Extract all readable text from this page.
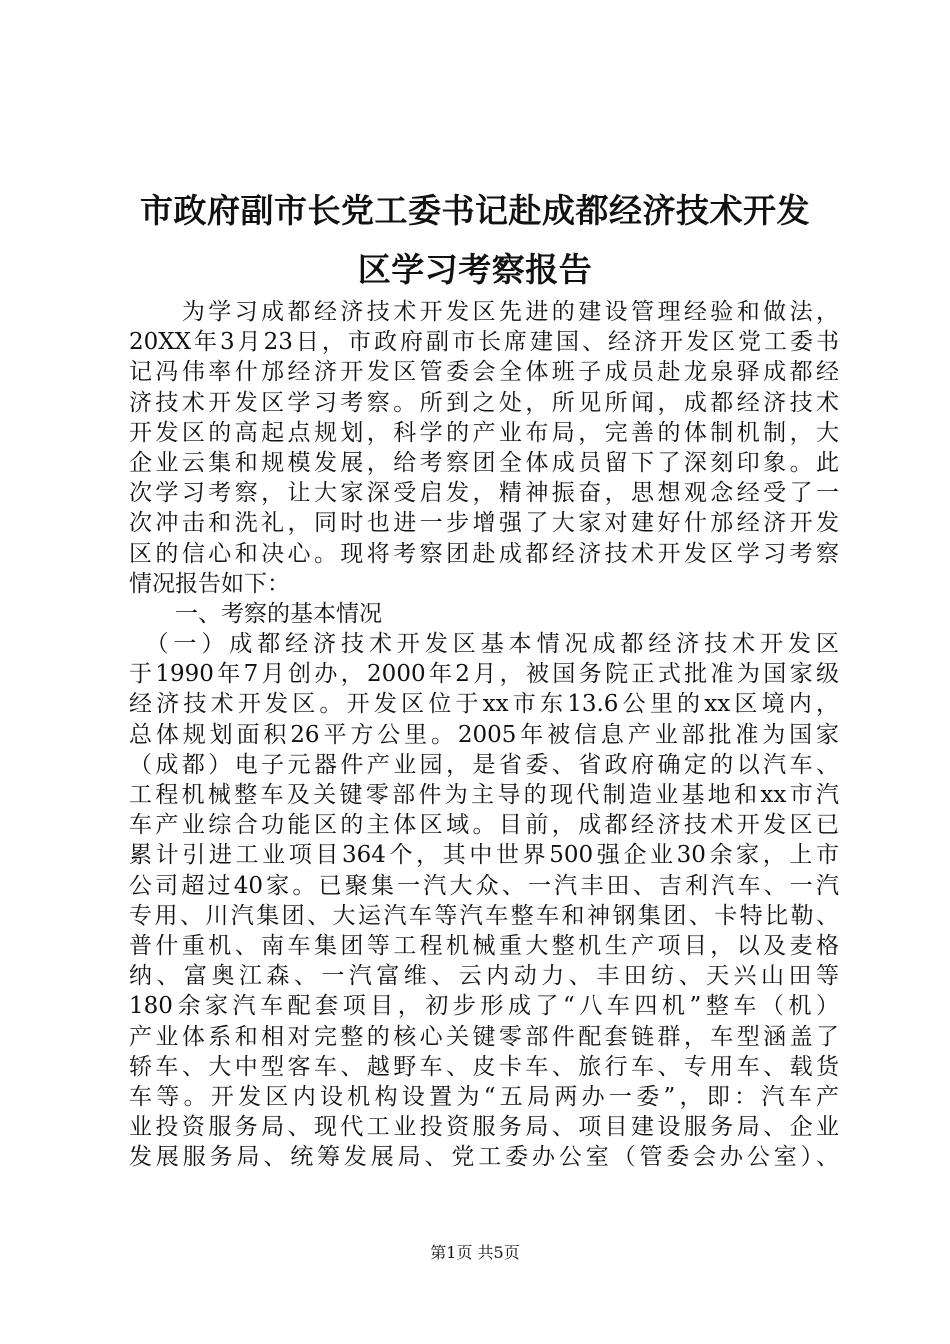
市政府副市长党工委书记赴成都经济技术开发
区学习考察报告
　　为学习成都经济技术开发区先进的建设管理经验和做法，
20XX年3月23日，市政府副市长席建国、经济开发区党工委书
记冯伟率什邡经济开发区管委会全体班子成员赴龙泉驿成都经
济技术开发区学习考察。所到之处，所见所闻，成都经济技术
开发区的高起点规划，科学的产业布局，完善的体制机制，大
企业云集和规模发展，给考察团全体成员留下了深刻印象。此
次学习考察，让大家深受启发，精神振奋，思想观念经受了一
次冲击和洗礼，同时也进一步增强了大家对建好什邡经济开发
区的信心和决心。现将考察团赴成都经济技术开发区学习考察
情况报告如下：
　　一、考察的基本情况
　（一）成都经济技术开发区基本情况成都经济技术开发区
于1990年7月创办，2000年2月，被国务院正式批准为国家级
经济技术开发区。开发区位于xx市东13.6公里的xx区境内，
总体规划面积26平方公里。2005年被信息产业部批准为国家
（成都）电子元器件产业园，是省委、省政府确定的以汽车、
工程机械整车及关键零部件为主导的现代制造业基地和xx市汽
车产业综合功能区的主体区域。目前，成都经济技术开发区已
累计引进工业项目364个，其中世界500强企业30余家，上市
公司超过40家。已聚集一汽大众、一汽丰田、吉利汽车、一汽
专用、川汽集团、大运汽车等汽车整车和神钢集团、卡特比勒、
普什重机、南车集团等工程机械重大整机生产项目，以及麦格
纳、富奥江森、一汽富维、云内动力、丰田纺、天兴山田等
180余家汽车配套项目，初步形成了“八车四机”整车（机）
产业体系和相对完整的核心关键零部件配套链群，车型涵盖了
轿车、大中型客车、越野车、皮卡车、旅行车、专用车、载货
车等。开发区内设机构设置为“五局两办一委”，即：汽车产
业投资服务局、现代工业投资服务局、项目建设服务局、企业
发展服务局、统筹发展局、党工委办公室（管委会办公室）、
第1页 共5页
